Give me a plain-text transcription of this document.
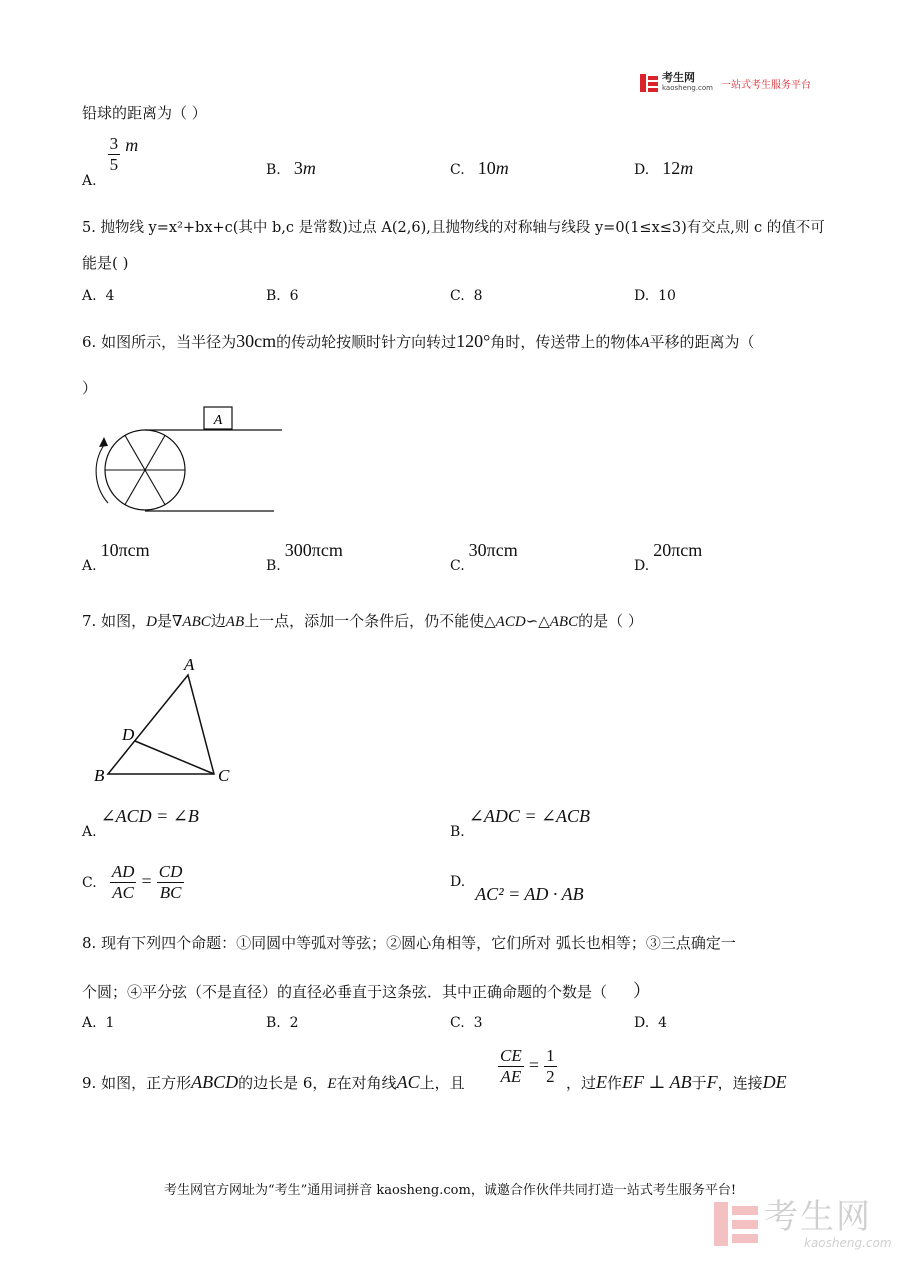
考生网
kaosheng.com 一站式考生服务平台
铅球的距离为（ ）
A.
$\frac{3}{5}$ m
B. 3m	C. 10m	D. 12m
5. 抛物线 y=x²+bx+c(其中 b,c 是常数)过点 A(2,6),且抛物线的对称轴与线段 y=0(1≤x≤3)有交点,则 c 的值不可
能是( )
A. 4	B. 6	C. 8	D. 10
6. 如图所示，当半径为30cm的传动轮按顺时针方向转过120°角时，传送带上的物体A平移的距离为（
）
A
A.10πcm
B.300πcm
C.30πcm
D.20πcm
7. 如图，D是∇ABC边AB上一点，添加一个条件后，仍不能使△ACD∽△ABC的是（ ）
A
B	C
D
A.∠ACD = ∠B
B.∠ADC = ∠ACB
C. $\frac{AD}{AC} = \frac{CD}{BC}$	D.AC² = AD · AB
8. 现有下列四个命题：①同圆中等弧对等弦；②圆心角相等，它们所对 弧长也相等；③三点确定一
个圆；④平分弦（不是直径）的直径必垂直于这条弦．其中正确命题的个数是（ ）
A. 1	B. 2	C. 3	D. 4
9. 如图，正方形ABCD的边长是 6，E在对角线AC上，且 $\frac{CE}{AE} = \frac{1}{2}$ ，过E作EF ⊥ AB于F，连接DE
考生网官方网址为“考生”通用词拼音 kaosheng.com，诚邀合作伙伴共同打造一站式考生服务平台!
考生网
kaosheng.com
